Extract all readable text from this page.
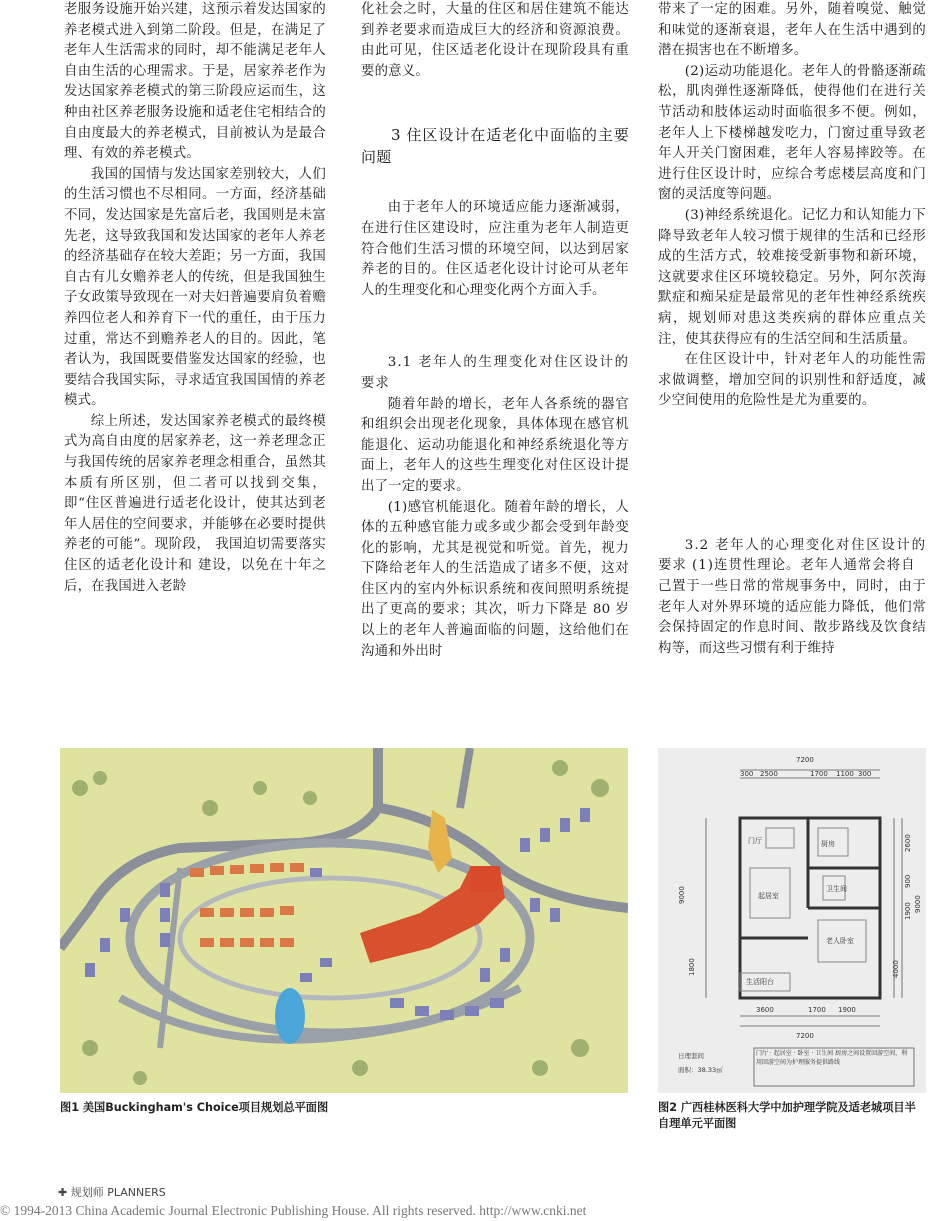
老服务设施开始兴建，这预示着发达国家的养老模式进入到第二阶段。但是，在满足了老年人生活需求的同时，却不能满足老年人自由生活的心理需求。于是，居家养老作为发达国家养老模式的第三阶段应运而生，这种由社区养老服务设施和适老住宅相结合的自由度最大的养老模式，目前被认为是最合理、有效的养老模式。

我国的国情与发达国家差别较大，人们的生活习惯也不尽相同。一方面，经济基础不同，发达国家是先富后老，我国则是未富先老，这导致我国和发达国家的老年人养老的经济基础存在较大差距；另一方面，我国自古有儿女赡养老人的传统，但是我国独生子女政策导致现在一对夫妇普遍要肩负着赡养四位老人和养育下一代的重任，由于压力过重，常达不到赡养老人的目的。因此，笔者认为，我国既要借鉴发达国家的经验，也要结合我国实际，寻求适宜我国国情的养老模式。

综上所述，发达国家养老模式的最终模式为高自由度的居家养老，这一养老理念正与我国传统的居家养老理念相重合，虽然其本质有所区别，但二者可以找到交集，即“住区普遍进行适老化设计，使其达到老年人居住的空间要求，并能够在必要时提供养老的可能”。现阶段， 我国迫切需要落实住区的适老化设计和 建设，以免在十年之后，在我国进入老龄

化社会之时，大量的住区和居住建筑不能达到养老要求而造成巨大的经济和资源浪费。由此可见，住区适老化设计在现阶段具有重要的意义。

3 住区设计在适老化中面临的主要问题

由于老年人的环境适应能力逐渐减弱，在进行住区建设时，应注重为老年人制造更符合他们生活习惯的环境空间，以达到居家养老的目的。住区适老化设计讨论可从老年人的生理变化和心理变化两个方面入手。

3.1 老年人的生理变化对住区设计的要求

随着年龄的增长，老年人各系统的器官和组织会出现老化现象，具体体现在感官机能退化、运动功能退化和神经系统退化等方面上，老年人的这些生理变化对住区设计提出了一定的要求。

(1)感官机能退化。随着年龄的增长，人体的五种感官能力或多或少都会受到年龄变化的影响，尤其是视觉和听觉。首先，视力下降给老年人的生活造成了诸多不便，这对住区内的室内外标识系统和夜间照明系统提出了更高的要求；其次，听力下降是 80 岁以上的老年人普遍面临的问题，这给他们在沟通和外出时

带来了一定的困难。另外，随着嗅觉、触觉和味觉的逐渐衰退，老年人在生活中遇到的潜在损害也在不断增多。

(2)运动功能退化。老年人的骨骼逐渐疏松，肌肉弹性逐渐降低，使得他们在进行关节活动和肢体运动时面临很多不便。例如，老年人上下楼梯越发吃力，门窗过重导致老年人开关门窗困难，老年人容易摔跤等。在进行住区设计时，应综合考虑楼层高度和门窗的灵活度等问题。

(3)神经系统退化。记忆力和认知能力下降导致老年人较习惯于规律的生活和已经形成的生活方式，较难接受新事物和新环境，这就要求住区环境较稳定。另外，阿尔茨海默症和痴呆症是最常见的老年性神经系统疾病，规划师对患这类疾病的群体应重点关注，使其获得应有的生活空间和生活质量。

在住区设计中，针对老年人的功能性需求做调整，增加空间的识别性和舒适度，减少空间使用的危险性是尤为重要的。

3.2 老年人的心理变化对住区设计的要求 (1)连贯性理论。老年人通常会将自

己置于一些日常的常规事务中，同时，由于老年人对外界环境的适应能力降低，他们常会保持固定的作息时间、散步路线及饮食结构等，而这些习惯有利于维持

图1 美国Buckingham's Choice项目规划总平面图
门厅	厨房
起居室
卫生间
老人卧室
生活阳台
7200
300 2500	1700 1100 300
9000
1800
2600
900
1900
4000
9000
3600	1700 1900
7200
日理套间
面积：38.33㎡
门厅 · 起居室 · 卧室 · 卫生间 厨房之间设置回游空间，利用回游空间为护理服务提供路线
图2 广西桂林医科大学中加护理学院及适老城项目半自理单元平面图
✚ 规划师 PLANNERS
© 1994-2013 China Academic Journal Electronic Publishing House. All rights reserved. http://www.cnki.net
